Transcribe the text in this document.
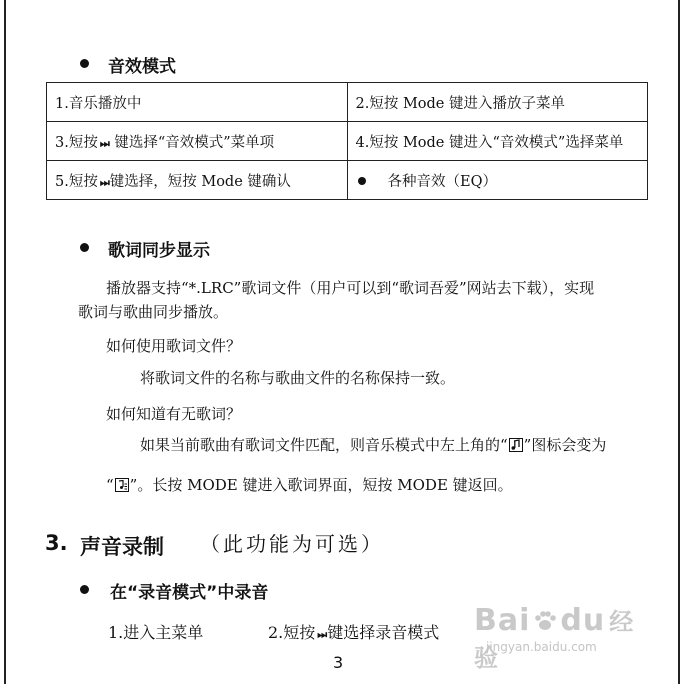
音效模式
1.音乐播放中	2.短按 Mode 键进入播放子菜单
3.短按 ⏭ 键选择“音效模式”菜单项	4.短按 Mode 键进入“音效模式”选择菜单
5.短按 ⏭ 键选择，短按 Mode 键确认	各种音效（EQ）
歌词同步显示
播放器支持“*.LRC”歌词文件（用户可以到“歌词吾爱”网站去下载），实现
歌词与歌曲同步播放。
如何使用歌词文件？
将歌词文件的名称与歌曲文件的名称保持一致。
如何知道有无歌词？
如果当前歌曲有歌词文件匹配，则音乐模式中左上角的“ ”图标会变为
“ ”。长按 MODE 键进入歌词界面，短按 MODE 键返回。
3. 声音录制 （此功能为可选）
在“录音模式”中录音
1.进入主菜单	2.短按 ⏭ 键选择录音模式
3
Bai du 经验
jingyan.baidu.com
